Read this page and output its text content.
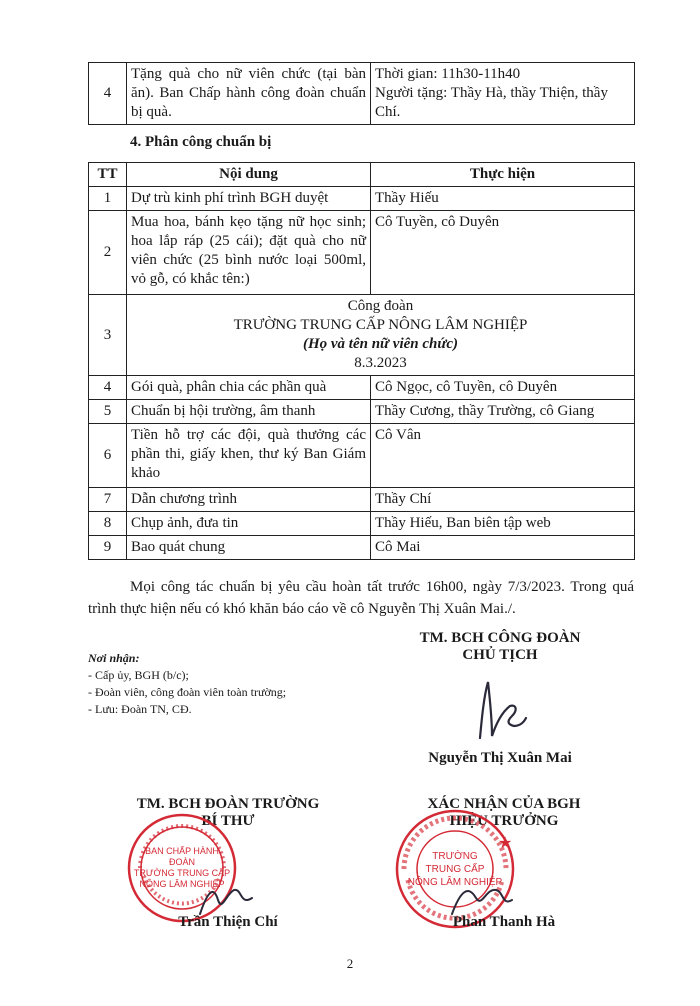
4	Tặng quà cho nữ viên chức (tại bàn ăn). Ban Chấp hành công đoàn chuẩn bị quà.	
Thời gian: 11h30-11h40
Người tặng: Thầy Hà, thầy Thiện, thầy Chí.
4. Phân công chuẩn bị
TT	Nội dung	Thực hiện
1	Dự trù kinh phí trình BGH duyệt	Thầy Hiếu
2	Mua hoa, bánh kẹo tặng nữ học sinh; hoa lắp ráp (25 cái); đặt quà cho nữ viên chức (25 bình nước loại 500ml, vỏ gỗ, có khắc tên:)	Cô Tuyền, cô Duyên
3	Công đoàn
TRƯỜNG TRUNG CẤP NÔNG LÂM NGHIỆP
(Họ và tên nữ viên chức)
8.3.2023	

4	Gói quà, phân chia các phần quà	Cô Ngọc, cô Tuyền, cô Duyên
5	Chuẩn bị hội trường, âm thanh	Thầy Cương, thầy Trường, cô Giang
6	Tiền hỗ trợ các đội, quà thưởng các phần thi, giấy khen, thư ký Ban Giám khảo	Cô Vân
7	Dẫn chương trình	Thầy Chí
8	Chụp ảnh, đưa tin	Thầy Hiếu, Ban biên tập web
9	Bao quát chung	Cô Mai
Mọi công tác chuẩn bị yêu cầu hoàn tất trước 16h00, ngày 7/3/2023. Trong quá trình thực hiện nếu có khó khăn báo cáo về cô Nguyễn Thị Xuân Mai./.
Nơi nhận:
- Cấp ủy, BGH (b/c);
- Đoàn viên, công đoàn viên toàn trường;
- Lưu: Đoàn TN, CĐ.
TM. BCH CÔNG ĐOÀN
CHỦ TỊCH
Nguyễn Thị Xuân Mai
TM. BCH ĐOÀN TRƯỜNG
BÍ THƯ
BAN CHẤP HÀNH
ĐOÀN
TRƯỜNG TRUNG CẤP
NÔNG LÂM NGHIỆP
Trần Thiện Chí
XÁC NHẬN CỦA BGH
HIỆU TRƯỞNG
★
TRƯỜNG
TRUNG CẤP
NÔNG LÂM NGHIỆP
Phan Thanh Hà
2
